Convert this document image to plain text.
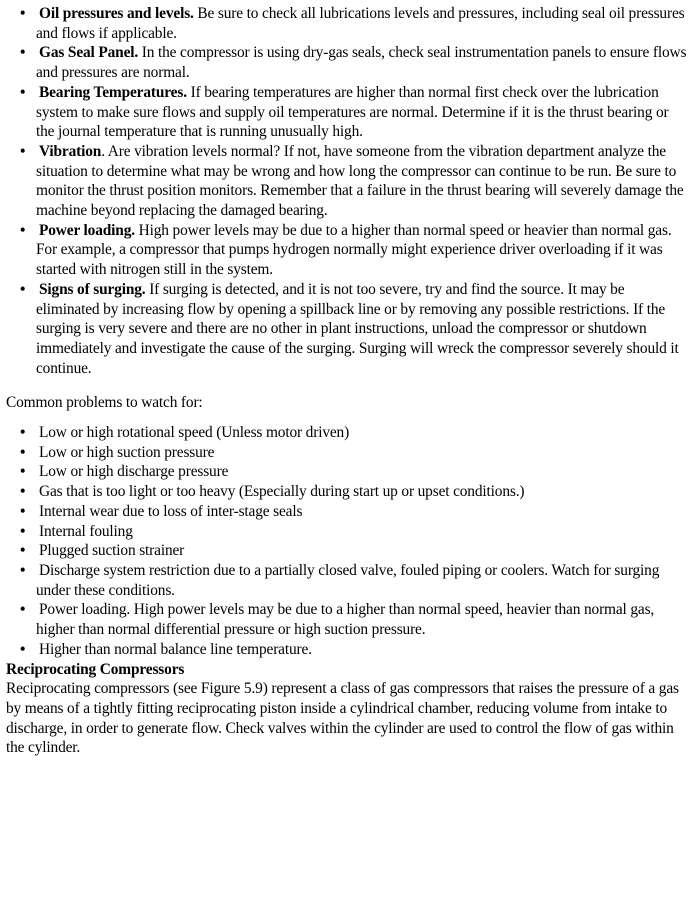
• Oil pressures and levels. Be sure to check all lubrications levels and pressures, including seal oil pressures and flows if applicable.
• Gas Seal Panel. In the compressor is using dry-gas seals, check seal instrumentation panels to ensure flows and pressures are normal.
• Bearing Temperatures. If bearing temperatures are higher than normal first check over the lubrication system to make sure flows and supply oil temperatures are normal. Determine if it is the thrust bearing or the journal temperature that is running unusually high.
• Vibration. Are vibration levels normal? If not, have someone from the vibration department analyze the situation to determine what may be wrong and how long the compressor can continue to be run. Be sure to monitor the thrust position monitors. Remember that a failure in the thrust bearing will severely damage the machine beyond replacing the damaged bearing.
• Power loading. High power levels may be due to a higher than normal speed or heavier than normal gas. For example, a compressor that pumps hydrogen normally might experience driver overloading if it was started with nitrogen still in the system.
• Signs of surging. If surging is detected, and it is not too severe, try and find the source. It may be eliminated by increasing flow by opening a spillback line or by removing any possible restrictions. If the surging is very severe and there are no other in plant instructions, unload the compressor or shutdown immediately and investigate the cause of the surging. Surging will wreck the compressor severely should it continue.

Common problems to watch for:

• Low or high rotational speed (Unless motor driven)
• Low or high suction pressure
• Low or high discharge pressure
• Gas that is too light or too heavy (Especially during start up or upset conditions.)
• Internal wear due to loss of inter-stage seals
• Internal fouling
• Plugged suction strainer
• Discharge system restriction due to a partially closed valve, fouled piping or coolers. Watch for surging under these conditions.
• Power loading. High power levels may be due to a higher than normal speed, heavier than normal gas, higher than normal differential pressure or high suction pressure.
• Higher than normal balance line temperature.

Reciprocating Compressors

Reciprocating compressors (see Figure 5.9) represent a class of gas compressors that raises the pressure of a gas by means of a tightly fitting reciprocating piston inside a cylindrical chamber, reducing volume from intake to discharge, in order to generate flow. Check valves within the cylinder are used to control the flow of gas within the cylinder.
